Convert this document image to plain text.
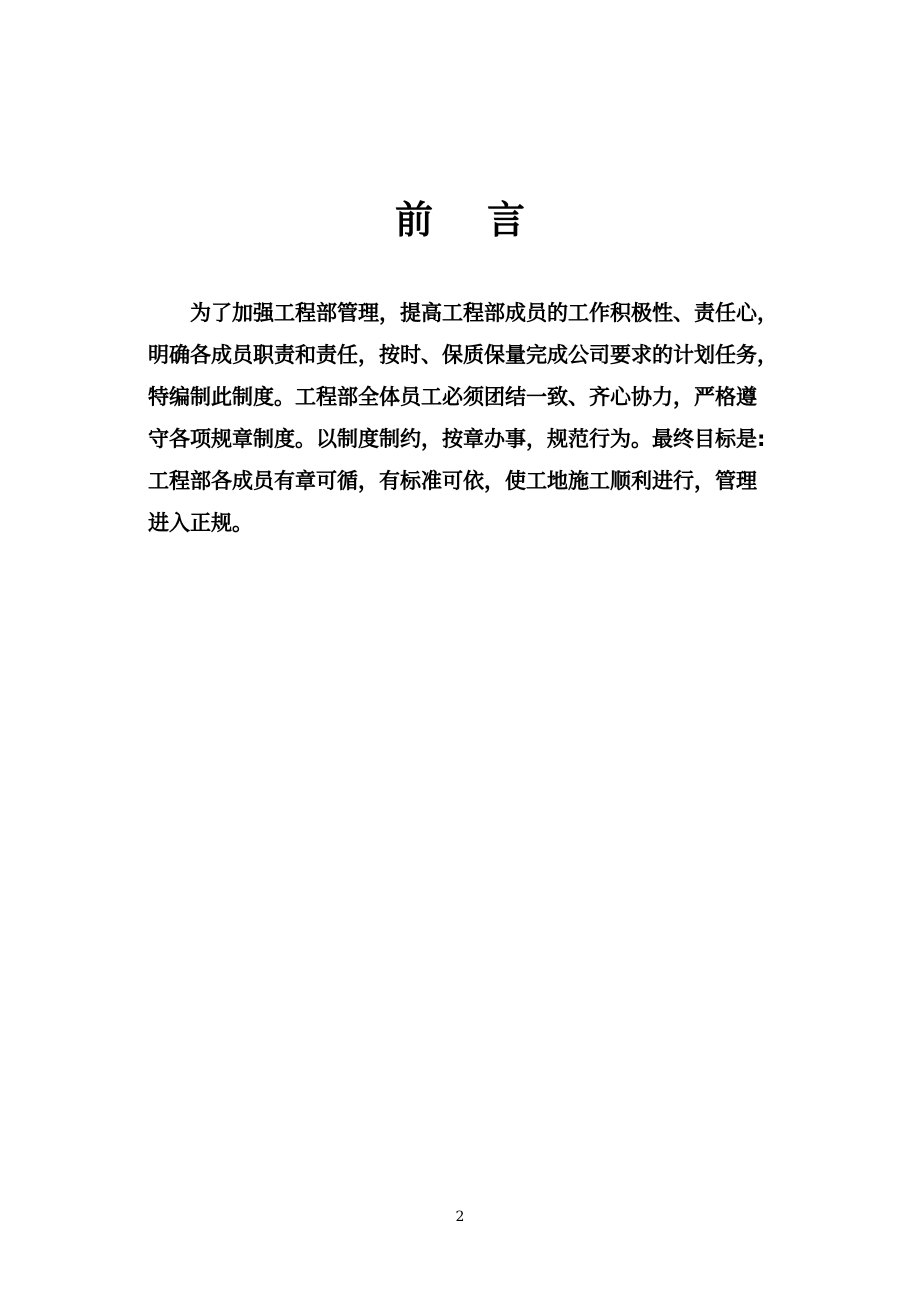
前言

为了加强工程部管理，提高工程部成员的工作积极性、责任心，

明确各成员职责和责任，按时、保质保量完成公司要求的计划任务，

特编制此制度。工程部全体员工必须团结一致、齐心协力，严格遵

守各项规章制度。以制度制约，按章办事，规范行为。最终目标是:

工程部各成员有章可循，有标准可依，使工地施工顺利进行，管理

进入正规。

2
